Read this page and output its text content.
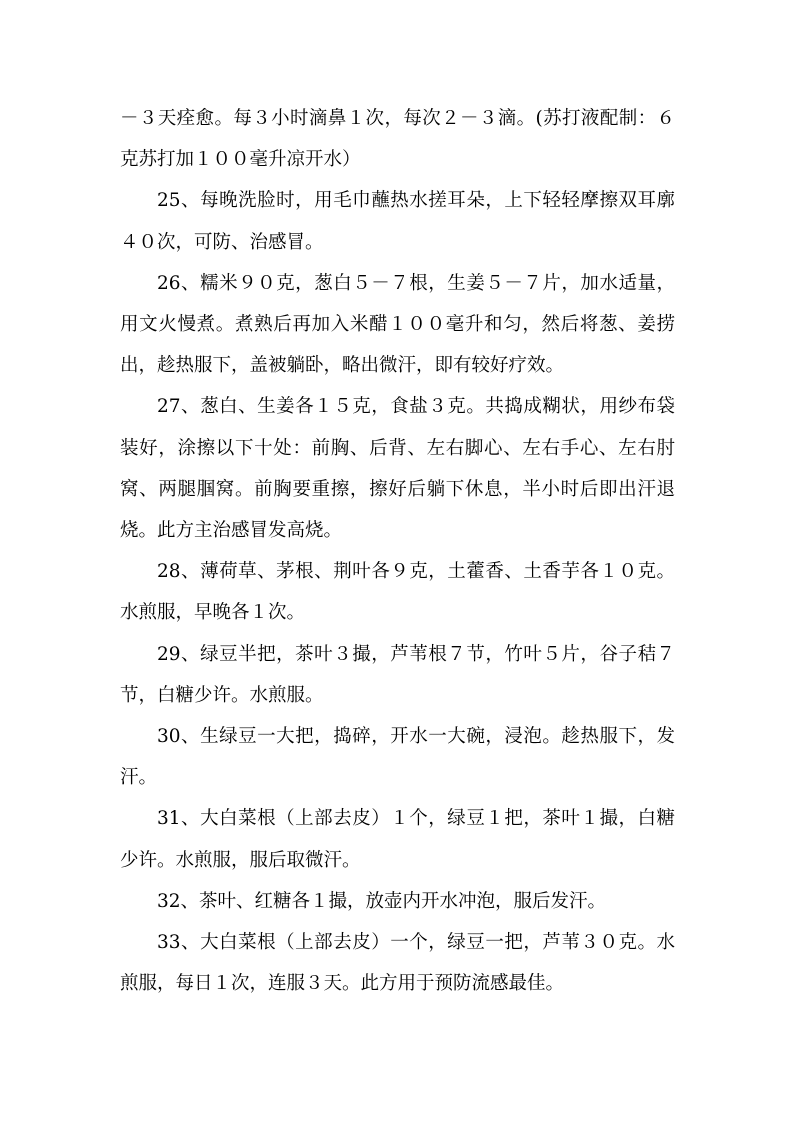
－３天痊愈。每３小时滴鼻１次，每次２－３滴。(苏打液配制：６克苏打加１００毫升凉开水）

25、每晚洗脸时，用毛巾蘸热水搓耳朵，上下轻轻摩擦双耳廓４０次，可防、治感冒。

26、糯米９０克，葱白５－７根，生姜５－７片，加水适量，用文火慢煮。煮熟后再加入米醋１００毫升和匀，然后将葱、姜捞出，趁热服下，盖被躺卧，略出微汗，即有较好疗效。

27、葱白、生姜各１５克，食盐３克。共捣成糊状，用纱布袋装好，涂擦以下十处：前胸、后背、左右脚心、左右手心、左右肘窝、两腿腘窝。前胸要重擦，擦好后躺下休息，半小时后即出汗退烧。此方主治感冒发高烧。

28、薄荷草、茅根、荆叶各９克，土藿香、土香芋各１０克。水煎服，早晚各１次。

29、绿豆半把，茶叶３撮，芦苇根７节，竹叶５片，谷子秸７节，白糖少许。水煎服。

30、生绿豆一大把，捣碎，开水一大碗，浸泡。趁热服下，发汗。

31、大白菜根（上部去皮）１个，绿豆１把，茶叶１撮，白糖少许。水煎服，服后取微汗。

32、茶叶、红糖各１撮，放壶内开水冲泡，服后发汗。

33、大白菜根（上部去皮）一个，绿豆一把，芦苇３０克。水煎服，每日１次，连服３天。此方用于预防流感最佳。
